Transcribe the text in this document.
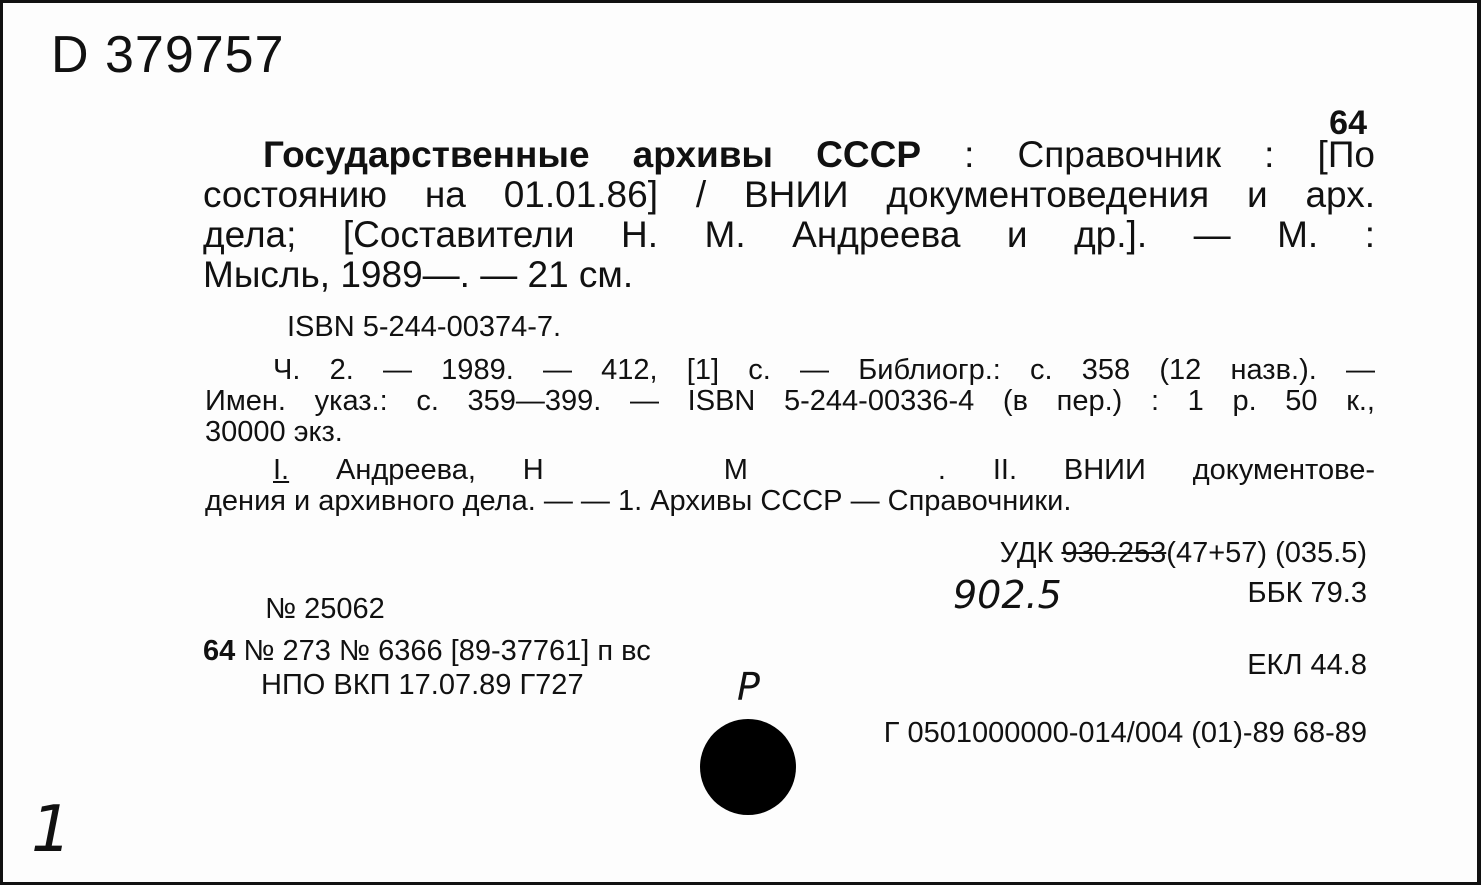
D 379757
64
Государственные архивы СССР : Справочник : [По
состоянию на 01.01.86] / ВНИИ документоведения и арх.
дела; [Составители Н. М. Андреева и др.]. — М. :
Мысль, 1989—. — 21 см.
ISBN 5-244-00374-7.
Ч. 2. — 1989. — 412, [1] с. — Библиогр.: с. 358 (12 назв.). —
Имен. указ.: с. 359—399. — ISBN 5-244-00336-4 (в пер.) : 1 р. 50 к.,
30000 экз.
I. Андреева, Н	М	. II. ВНИИ документове-
дения и архивного дела. — — 1. Архивы СССР — Справочники.
УДК 930.253(47+57) (035.5)
902.5	ББК 79.3
№ 25062
64 № 273 № 6366 [89-37761] п вс
НПО ВКП 17.07.89 Г727	Р	ЕКЛ 44.8
Г 0501000000-014/004 (01)-89 68-89
1
